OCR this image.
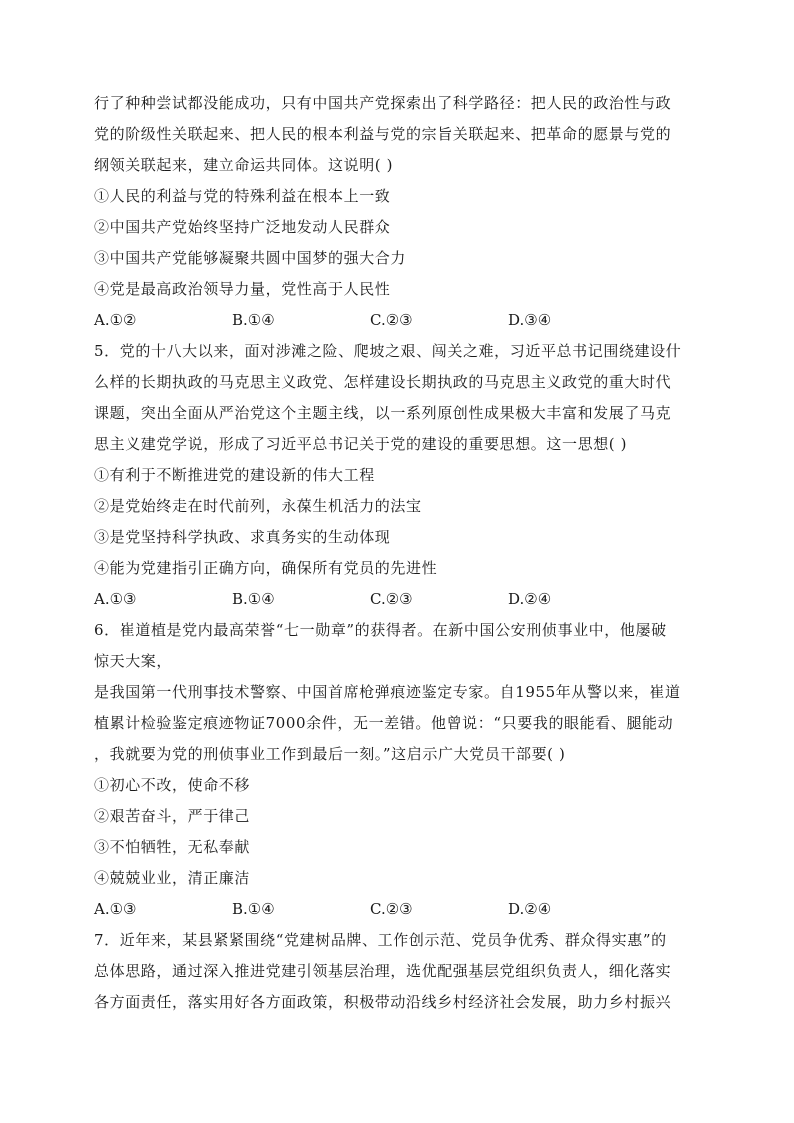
行了种种尝试都没能成功，只有中国共产党探索出了科学路径：把人民的政治性与政
党的阶级性关联起来、把人民的根本利益与党的宗旨关联起来、把革命的愿景与党的
纲领关联起来，建立命运共同体。这说明( )
①人民的利益与党的特殊利益在根本上一致
②中国共产党始终坚持广泛地发动人民群众
③中国共产党能够凝聚共圆中国梦的强大合力
④党是最高政治领导力量，党性高于人民性
A.①②	B.①④	C.②③	D.③④
5．党的十八大以来，面对涉滩之险、爬坡之艰、闯关之难，习近平总书记围绕建设什
么样的长期执政的马克思主义政党、怎样建设长期执政的马克思主义政党的重大时代
课题，突出全面从严治党这个主题主线，以一系列原创性成果极大丰富和发展了马克
思主义建党学说，形成了习近平总书记关于党的建设的重要思想。这一思想( )
①有利于不断推进党的建设新的伟大工程
②是党始终走在时代前列，永葆生机活力的法宝
③是党坚持科学执政、求真务实的生动体现
④能为党建指引正确方向，确保所有党员的先进性
A.①③	B.①④	C.②③	D.②④
6．崔道植是党内最高荣誉“七一勋章”的获得者。在新中国公安刑侦事业中，他屡破
惊天大案，
是我国第一代刑事技术警察、中国首席枪弹痕迹鉴定专家。自1955年从警以来，崔道
植累计检验鉴定痕迹物证7000余件，无一差错。他曾说：“只要我的眼能看、腿能动
，我就要为党的刑侦事业工作到最后一刻。”这启示广大党员干部要( )
①初心不改，使命不移
②艰苦奋斗，严于律己
③不怕牺牲，无私奉献
④兢兢业业，清正廉洁
A.①③	B.①④	C.②③	D.②④
7．近年来，某县紧紧围绕“党建树品牌、工作创示范、党员争优秀、群众得实惠”的
总体思路，通过深入推进党建引领基层治理，选优配强基层党组织负责人，细化落实
各方面责任，落实用好各方面政策，积极带动沿线乡村经济社会发展，助力乡村振兴
